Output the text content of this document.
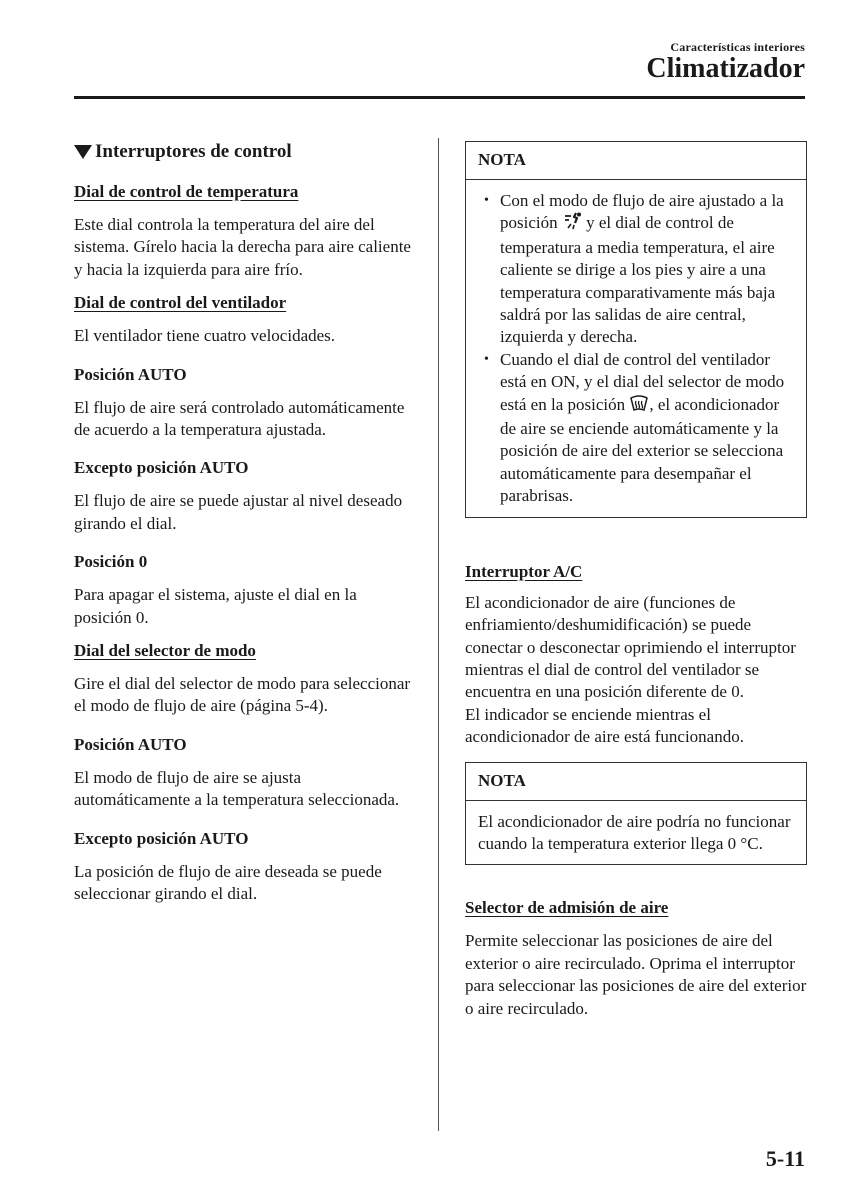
Características interiores
Climatizador
Interruptores de control
Dial de control de temperatura

Este dial controla la temperatura del aire del sistema. Gírelo hacia la derecha para aire caliente y hacia la izquierda para aire frío.

Dial de control del ventilador

El ventilador tiene cuatro velocidades.

Posición AUTO

El flujo de aire será controlado automáticamente de acuerdo a la temperatura ajustada.

Excepto posición AUTO

El flujo de aire se puede ajustar al nivel deseado girando el dial.

Posición 0

Para apagar el sistema, ajuste el dial en la posición 0.

Dial del selector de modo

Gire el dial del selector de modo para seleccionar el modo de flujo de aire (página 5-4).

Posición AUTO

El modo de flujo de aire se ajusta automáticamente a la temperatura seleccionada.

Excepto posición AUTO

La posición de flujo de aire deseada se puede seleccionar girando el dial.

NOTA
• Con el modo de flujo de aire ajustado a la posición y el dial de control de temperatura a media temperatura, el aire caliente se dirige a los pies y aire a una temperatura comparativamente más baja saldrá por las salidas de aire central, izquierda y derecha.
• Cuando el dial de control del ventilador está en ON, y el dial del selector de modo está en la posición , el acondicionador de aire se enciende automáticamente y la posición de aire del exterior se selecciona automáticamente para desempañar el parabrisas.
Interruptor A/C

El acondicionador de aire (funciones de enfriamiento/deshumidificación) se puede conectar o desconectar oprimiendo el interruptor mientras el dial de control del ventilador se encuentra en una posición diferente de 0.

El indicador se enciende mientras el acondicionador de aire está funcionando.

NOTA

El acondicionador de aire podría no funcionar cuando la temperatura exterior llega 0 °C.

Selector de admisión de aire

Permite seleccionar las posiciones de aire del exterior o aire recirculado. Oprima el interruptor para seleccionar las posiciones de aire del exterior o aire recirculado.

5-11
